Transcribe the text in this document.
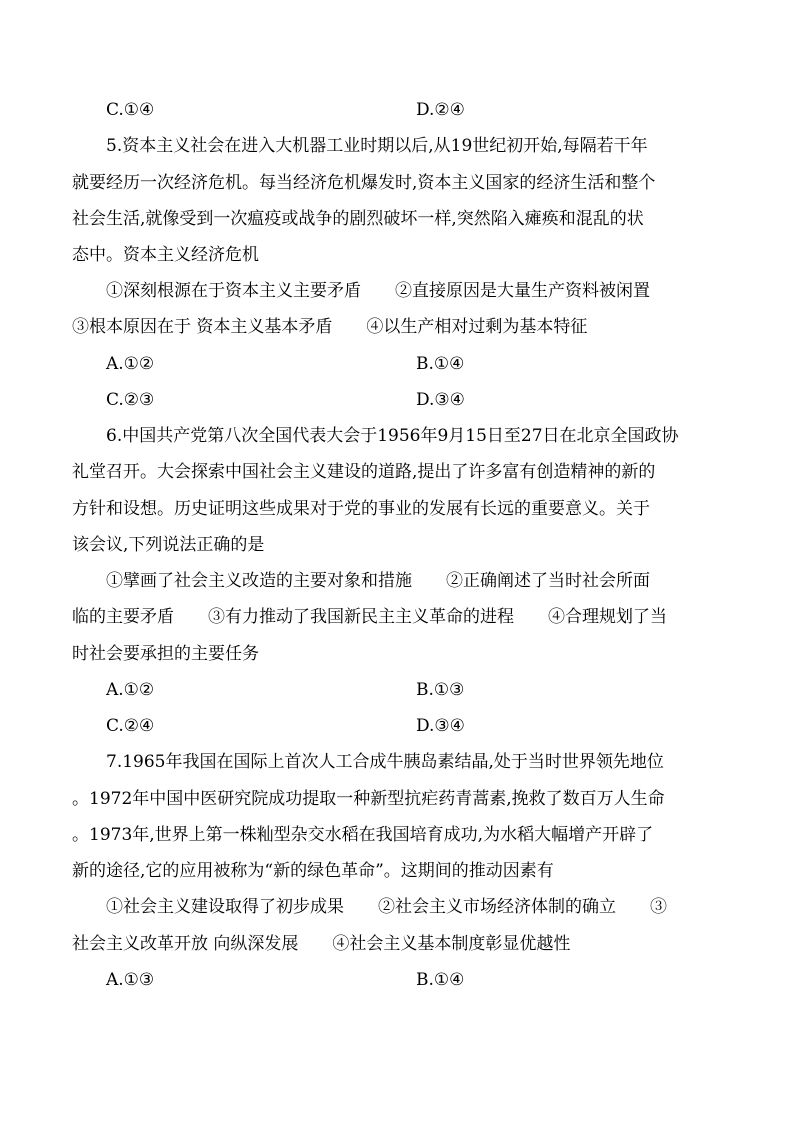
C.①④	D.②④
5.资本主义社会在进入大机器工业时期以后,从19世纪初开始,每隔若干年
就要经历一次经济危机。每当经济危机爆发时,资本主义国家的经济生活和整个
社会生活,就像受到一次瘟疫或战争的剧烈破坏一样,突然陷入瘫痪和混乱的状
态中。资本主义经济危机
①深刻根源在于资本主义主要矛盾　　②直接原因是大量生产资料被闲置
③根本原因在于 资本主义基本矛盾　　④以生产相对过剩为基本特征
A.①②	B.①④
C.②③	D.③④
6.中国共产党第八次全国代表大会于1956年9月15日至27日在北京全国政协
礼堂召开。大会探索中国社会主义建设的道路,提出了许多富有创造精神的新的
方针和设想。历史证明这些成果对于党的事业的发展有长远的重要意义。关于
该会议,下列说法正确的是
①擘画了社会主义改造的主要对象和措施　　②正确阐述了当时社会所面
临的主要矛盾　　③有力推动了我国新民主主义革命的进程　　④合理规划了当
时社会要承担的主要任务
A.①②	B.①③
C.②④	D.③④
7.1965年我国在国际上首次人工合成牛胰岛素结晶,处于当时世界领先地位
。1972年中国中医研究院成功提取一种新型抗疟药青蒿素,挽救了数百万人生命
。1973年,世界上第一株籼型杂交水稻在我国培育成功,为水稻大幅增产开辟了
新的途径,它的应用被称为“新的绿色革命”。这期间的推动因素有
①社会主义建设取得了初步成果　　②社会主义市场经济体制的确立　　③
社会主义改革开放 向纵深发展　　④社会主义基本制度彰显优越性
A.①③	B.①④
